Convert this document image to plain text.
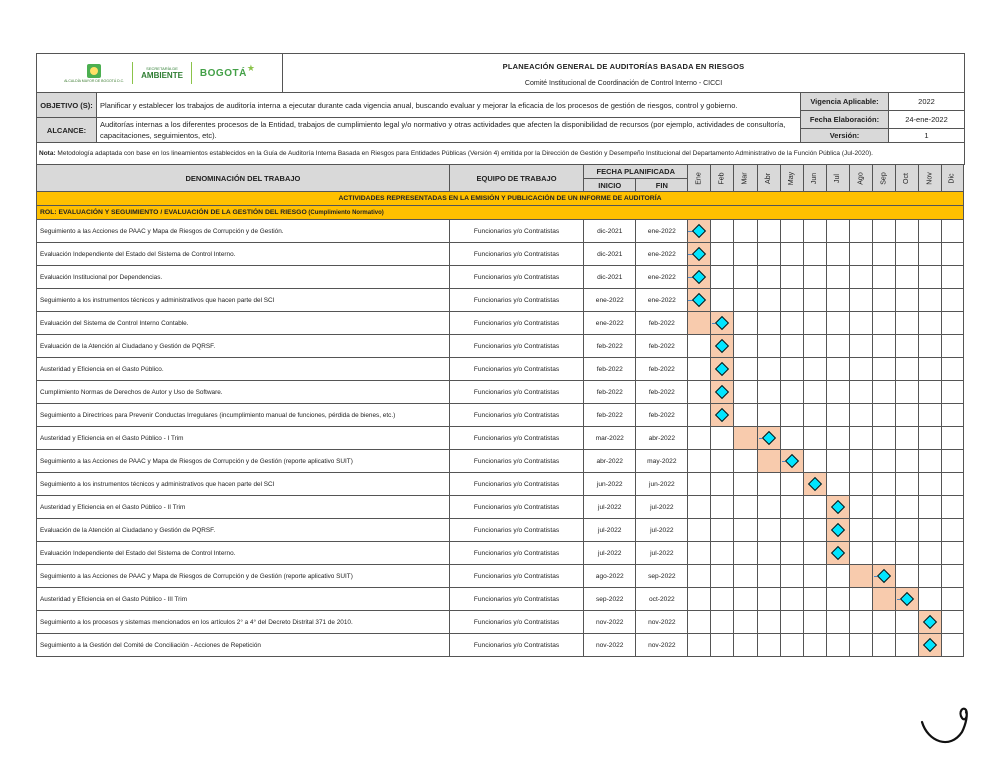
ALCALDÍA MAYOR DE BOGOTÁ D.C.
SECRETARÍA DE
AMBIENTE BOGOTÁ★	PLANEACIÓN GENERAL DE AUDITORÍAS BASADA EN RIESGOS
Comité Institucional de Coordinación de Control Interno - CICCI
OBJETIVO (S):	Planificar y establecer los trabajos de auditoría interna a ejecutar durante cada vigencia anual, buscando evaluar y mejorar la eficacia de los procesos de gestión de riesgos, control y gobierno.	Vigencia Aplicable:	2022
		Fecha Elaboración:	24-ene-2022
ALCANCE:	Auditorías internas a los diferentes procesos de la Entidad, trabajos de cumplimiento legal y/o normativo y otras actividades que afecten la disponibilidad de recursos (por ejemplo, actividades de consultoría, capacitaciones, seguimientos, etc).		
		Versión:	1
Nota: Metodología adaptada con base en los lineamientos establecidos en la Guía de Auditoría Interna Basada en Riesgos para Entidades Públicas (Versión 4) emitida por la Dirección de Gestión y Desempeño Institucional del Departamento Administrativo de la Función Pública (Jul-2020).			
DENOMINACIÓN DEL TRABAJO	EQUIPO DE TRABAJO	FECHA PLANIFICADA		Ene	Feb	Mar	Abr	May	Jun	Jul	Ago	Sep	Oct	Nov	Dic
		INICIO	FIN												
ACTIVIDADES REPRESENTADAS EN LA EMISIÓN Y PUBLICACIÓN DE UN INFORME DE AUDITORÍA															
ROL: EVALUACIÓN Y SEGUIMIENTO / EVALUACIÓN DE LA GESTIÓN DEL RIESGO (Cumplimiento Normativo)															
Seguimiento a las Acciones de PAAC y Mapa de Riesgos de Corrupción y de Gestión.	Funcionarios y/o Contratistas	dic-2021	ene-2022	

Evaluación Independiente del Estado del Sistema de Control Interno.	Funcionarios y/o Contratistas	dic-2021	ene-2022	

Evaluación Institucional por Dependencias.	Funcionarios y/o Contratistas	dic-2021	ene-2022	

Seguimiento a los instrumentos técnicos y administrativos que hacen parte del SCI	Funcionarios y/o Contratistas	ene-2022	ene-2022	

Evaluación del Sistema de Control Interno Contable.	Funcionarios y/o Contratistas	ene-2022	feb-2022		

Evaluación de la Atención al Ciudadano y Gestión de PQRSF.	Funcionarios y/o Contratistas	feb-2022	feb-2022		

Austeridad y Eficiencia en el Gasto Público.	Funcionarios y/o Contratistas	feb-2022	feb-2022		

Cumplimiento Normas de Derechos de Autor y Uso de Software.	Funcionarios y/o Contratistas	feb-2022	feb-2022		

Seguimiento a Directrices para Prevenir Conductas Irregulares (incumplimiento manual de funciones, pérdida de bienes, etc.)	Funcionarios y/o Contratistas	feb-2022	feb-2022		

Austeridad y Eficiencia en el Gasto Público - I Trim	Funcionarios y/o Contratistas	mar-2022	abr-2022				

Seguimiento a las Acciones de PAAC y Mapa de Riesgos de Corrupción y de Gestión (reporte aplicativo SUIT)	Funcionarios y/o Contratistas	abr-2022	may-2022					

Seguimiento a los instrumentos técnicos y administrativos que hacen parte del SCI	Funcionarios y/o Contratistas	jun-2022	jun-2022						

Austeridad y Eficiencia en el Gasto Público - II Trim	Funcionarios y/o Contratistas	jul-2022	jul-2022							

Evaluación de la Atención al Ciudadano y Gestión de PQRSF.	Funcionarios y/o Contratistas	jul-2022	jul-2022							

Evaluación Independiente del Estado del Sistema de Control Interno.	Funcionarios y/o Contratistas	jul-2022	jul-2022							

Seguimiento a las Acciones de PAAC y Mapa de Riesgos de Corrupción y de Gestión (reporte aplicativo SUIT)	Funcionarios y/o Contratistas	ago-2022	sep-2022									

Austeridad y Eficiencia en el Gasto Público - III Trim	Funcionarios y/o Contratistas	sep-2022	oct-2022										

Seguimiento a los procesos y sistemas mencionados en los artículos 2° a 4° del Decreto Distrital 371 de 2010.	Funcionarios y/o Contratistas	nov-2022	nov-2022											

Seguimiento a la Gestión del Comité de Conciliación - Acciones de Repetición	Funcionarios y/o Contratistas	nov-2022	nov-2022											
